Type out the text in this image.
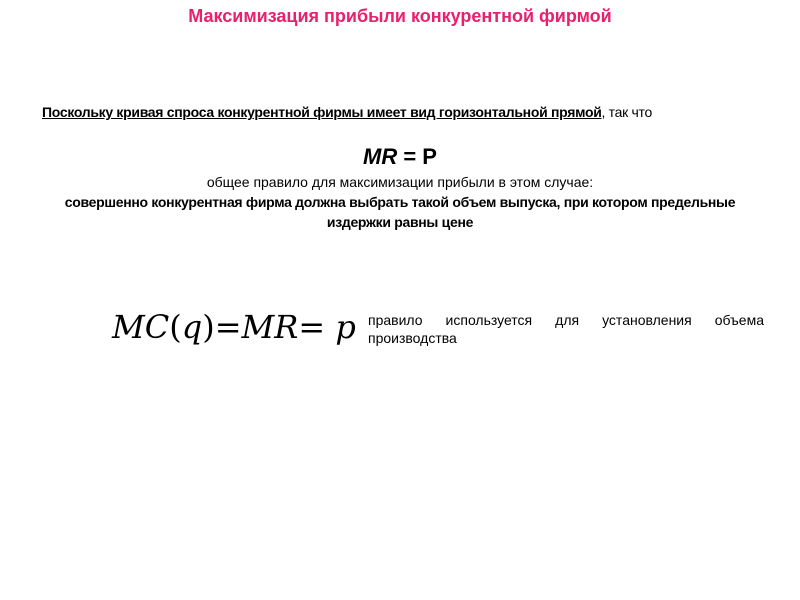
Максимизация прибыли конкурентной фирмой
Поскольку кривая спроса конкурентной фирмы имеет вид горизонтальной прямой, так что
MR = P
общее правило для максимизации прибыли в этом случае:
совершенно конкурентная фирма должна выбрать такой объем выпуска, при котором предельные издержки равны цене
MC(q)=MR= p правило используется для установления объема производства
